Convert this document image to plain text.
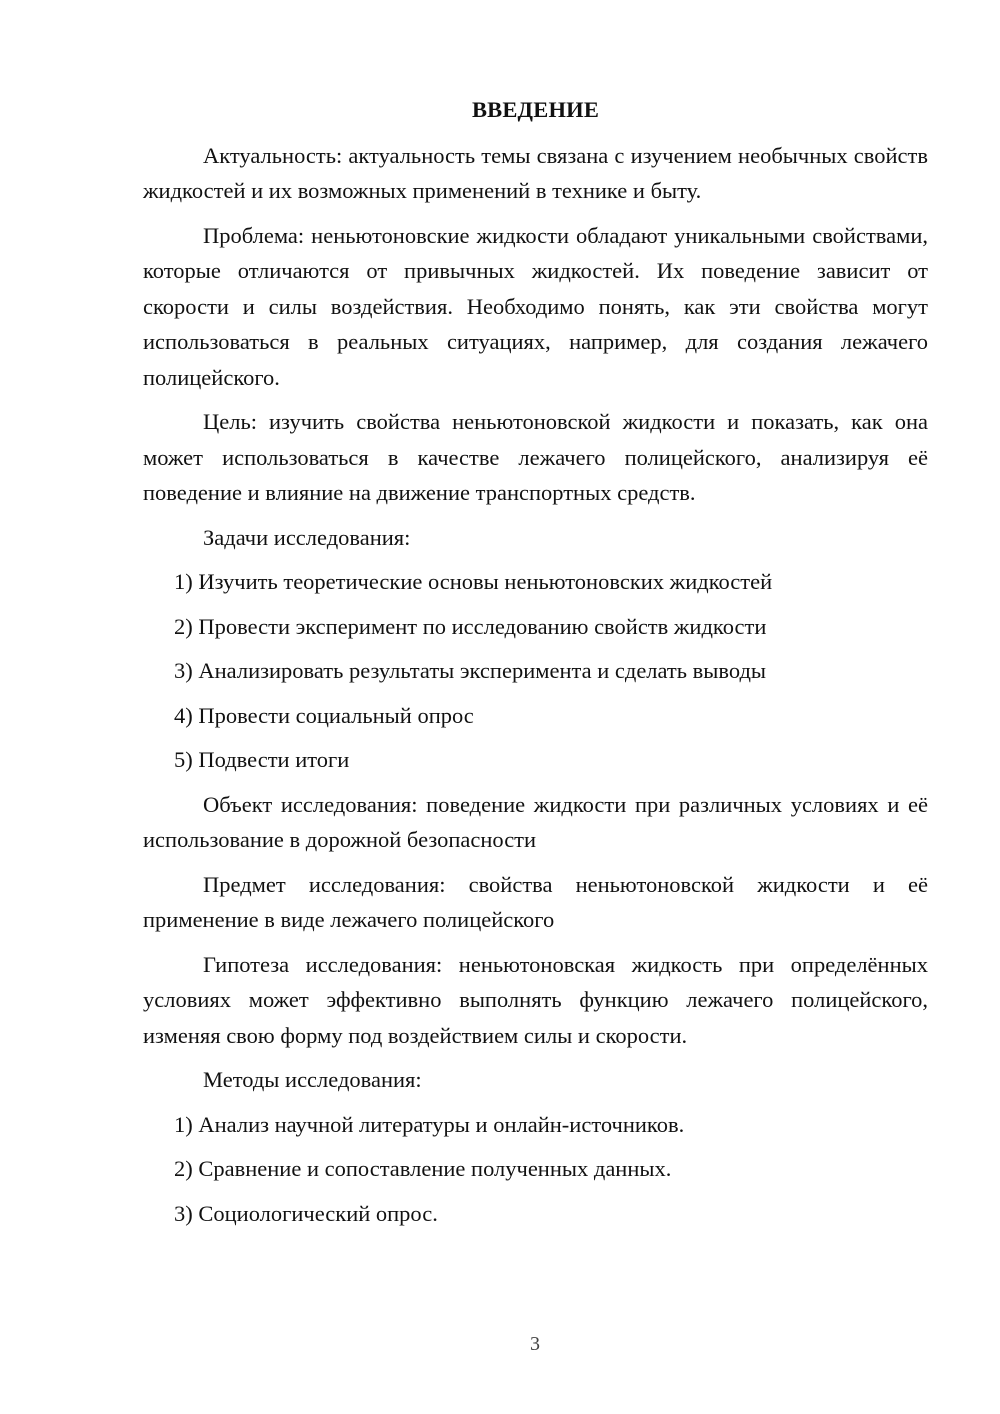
ВВЕДЕНИЕ

Актуальность: актуальность темы связана с изучением необычных свойств жидкостей и их возможных применений в технике и быту.

Проблема: неньютоновские жидкости обладают уникальными свойствами, которые отличаются от привычных жидкостей. Их поведение зависит от скорости и силы воздействия. Необходимо понять, как эти свойства могут использоваться в реальных ситуациях, например, для создания лежачего полицейского.

Цель: изучить свойства неньютоновской жидкости и показать, как она может использоваться в качестве лежачего полицейского, анализируя её поведение и влияние на движение транспортных средств.

Задачи исследования:

1) Изучить теоретические основы неньютоновских жидкостей

2) Провести эксперимент по исследованию свойств жидкости

3) Анализировать результаты эксперимента и сделать выводы

4) Провести социальный опрос

5) Подвести итоги

Объект исследования: поведение жидкости при различных условиях и её использование в дорожной безопасности

Предмет исследования: свойства неньютоновской жидкости и её применение в виде лежачего полицейского

Гипотеза исследования: неньютоновская жидкость при определённых условиях может эффективно выполнять функцию лежачего полицейского, изменяя свою форму под воздействием силы и скорости.

Методы исследования:

1) Анализ научной литературы и онлайн-источников.

2) Сравнение и сопоставление полученных данных.

3) Социологический опрос.

3
